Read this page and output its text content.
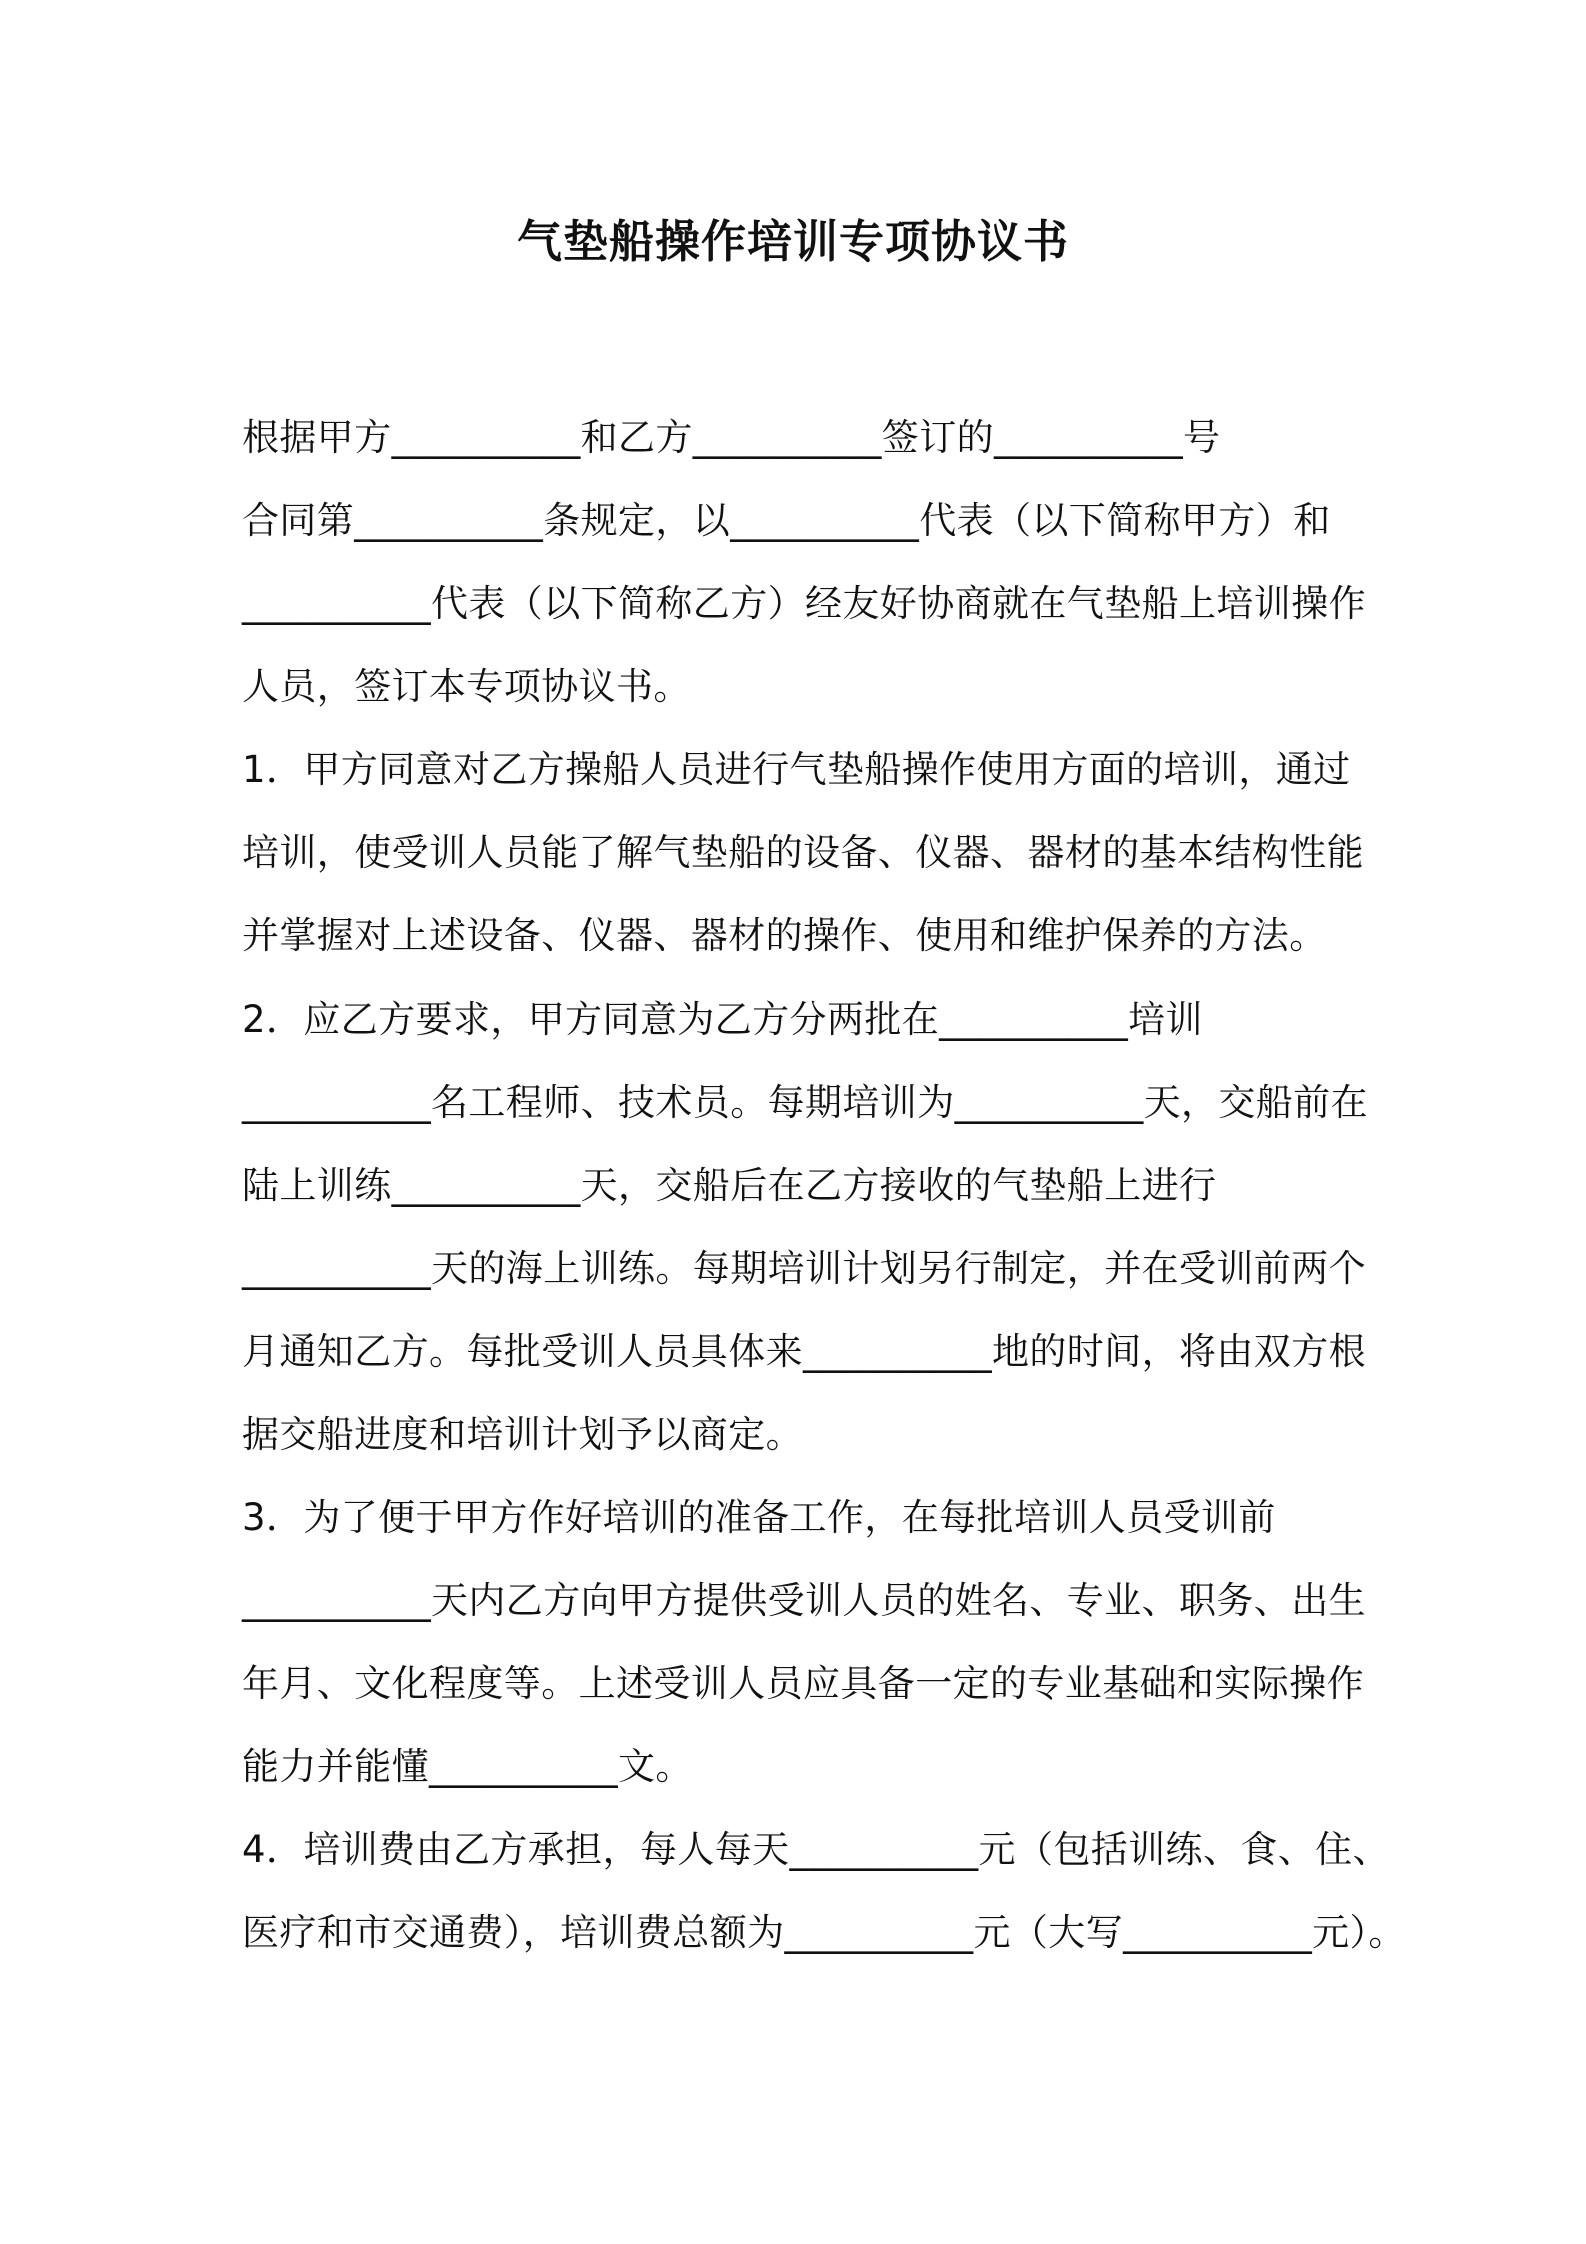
气垫船操作培训专项协议书
根据甲方__________和乙方__________签订的__________号
合同第__________条规定，以__________代表（以下简称甲方）和
__________代表（以下简称乙方）经友好协商就在气垫船上培训操作
人员，签订本专项协议书。
1．甲方同意对乙方操船人员进行气垫船操作使用方面的培训，通过
培训，使受训人员能了解气垫船的设备、仪器、器材的基本结构性能
并掌握对上述设备、仪器、器材的操作、使用和维护保养的方法。
2．应乙方要求，甲方同意为乙方分两批在__________培训
__________名工程师、技术员。每期培训为__________天，交船前在
陆上训练__________天，交船后在乙方接收的气垫船上进行
__________天的海上训练。每期培训计划另行制定，并在受训前两个
月通知乙方。每批受训人员具体来__________地的时间，将由双方根
据交船进度和培训计划予以商定。
3．为了便于甲方作好培训的准备工作，在每批培训人员受训前
__________天内乙方向甲方提供受训人员的姓名、专业、职务、出生
年月、文化程度等。上述受训人员应具备一定的专业基础和实际操作
能力并能懂__________文。
4．培训费由乙方承担，每人每天__________元（包括训练、食、住、
医疗和市交通费），培训费总额为__________元（大写__________元）。
